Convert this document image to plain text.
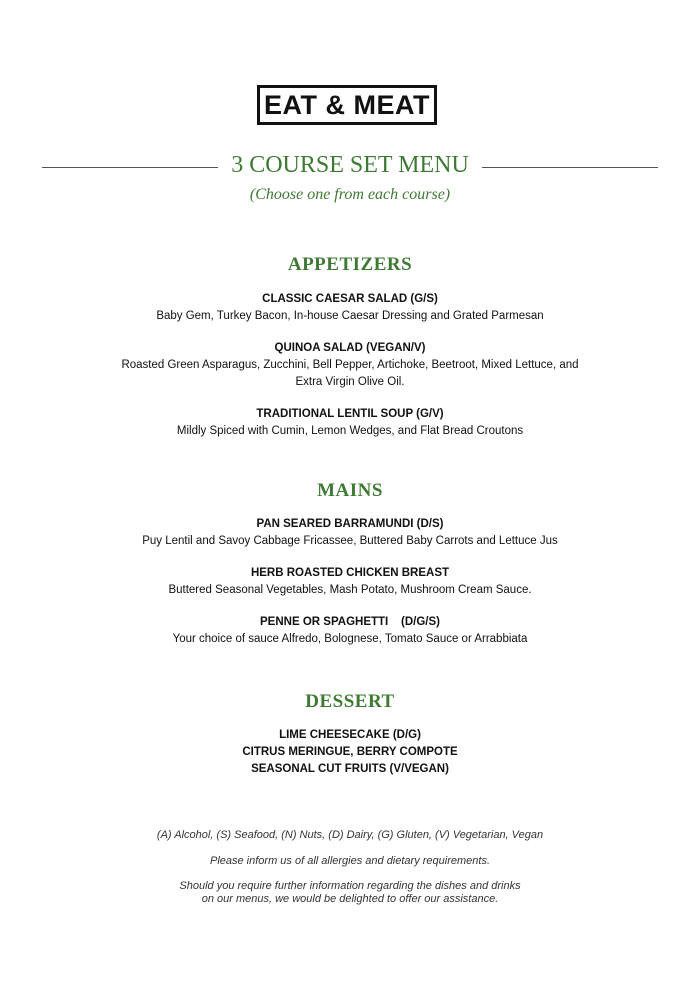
EAT & MEAT
3 COURSE SET MENU
(Choose one from each course)
APPETIZERS
CLASSIC CAESAR SALAD (G/S)
Baby Gem, Turkey Bacon, In-house Caesar Dressing and Grated Parmesan
QUINOA SALAD (VEGAN/V)
Roasted Green Asparagus, Zucchini, Bell Pepper, Artichoke, Beetroot, Mixed Lettuce, and
Extra Virgin Olive Oil.
TRADITIONAL LENTIL SOUP (G/V)
Mildly Spiced with Cumin, Lemon Wedges, and Flat Bread Croutons
MAINS
PAN SEARED BARRAMUNDI (D/S)
Puy Lentil and Savoy Cabbage Fricassee, Buttered Baby Carrots and Lettuce Jus
HERB ROASTED CHICKEN BREAST
Buttered Seasonal Vegetables, Mash Potato, Mushroom Cream Sauce.
PENNE OR SPAGHETTI    (D/G/S)
Your choice of sauce Alfredo, Bolognese, Tomato Sauce or Arrabbiata
DESSERT
LIME CHEESECAKE (D/G)
CITRUS MERINGUE, BERRY COMPOTE
SEASONAL CUT FRUITS (V/VEGAN)
(A) Alcohol, (S) Seafood, (N) Nuts, (D) Dairy, (G) Gluten, (V) Vegetarian, Vegan
Please inform us of all allergies and dietary requirements.
Should you require further information regarding the dishes and drinks
on our menus, we would be delighted to offer our assistance.
